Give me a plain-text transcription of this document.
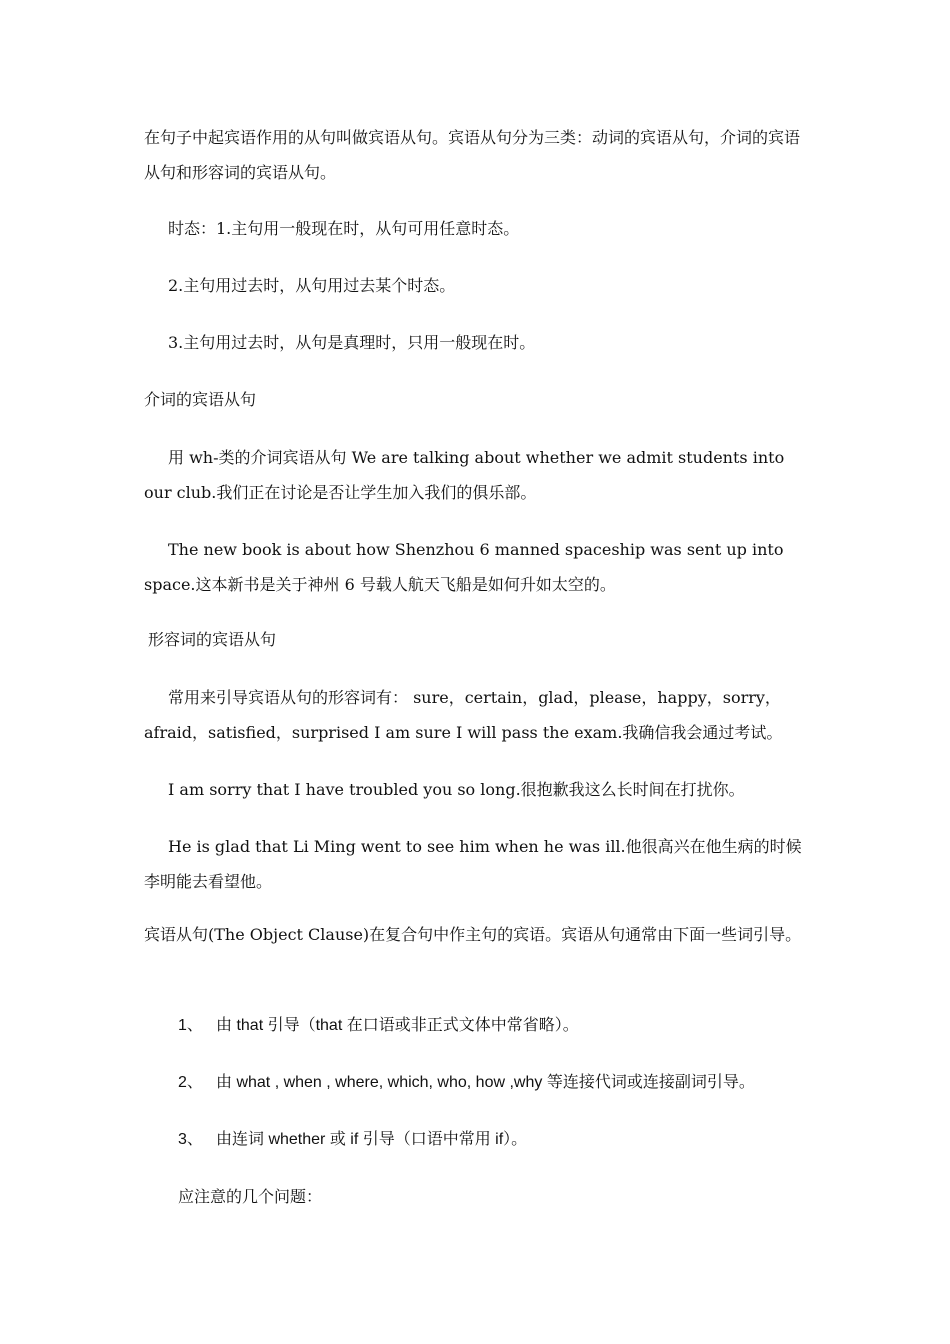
在句子中起宾语作用的从句叫做宾语从句。宾语从句分为三类：动词的宾语从句，介词的宾语从句和形容词的宾语从句。

时态：1.主句用一般现在时，从句可用任意时态。

2.主句用过去时，从句用过去某个时态。

3.主句用过去时，从句是真理时，只用一般现在时。

介词的宾语从句

用 wh-类的介词宾语从句 We are talking about whether we admit students into our club.我们正在讨论是否让学生加入我们的俱乐部。

The new book is about how Shenzhou 6 manned spaceship was sent up into space.这本新书是关于神州 6 号载人航天飞船是如何升如太空的。

形容词的宾语从句

常用来引导宾语从句的形容词有： sure，certain，glad，please，happy，sorry，afraid，satisfied，surprised I am sure I will pass the exam.我确信我会通过考试。

I am sorry that I have troubled you so long.很抱歉我这么长时间在打扰你。

He is glad that Li Ming went to see him when he was ill.他很高兴在他生病的时候李明能去看望他。

宾语从句(The Object Clause)在复合句中作主句的宾语。宾语从句通常由下面一些词引导。

1、 由 that 引导（that 在口语或非正式文体中常省略）。

2、 由 what , when , where, which, who, how ,why 等连接代词或连接副词引导。

3、 由连词 whether 或 if 引导（口语中常用 if）。

应注意的几个问题：
